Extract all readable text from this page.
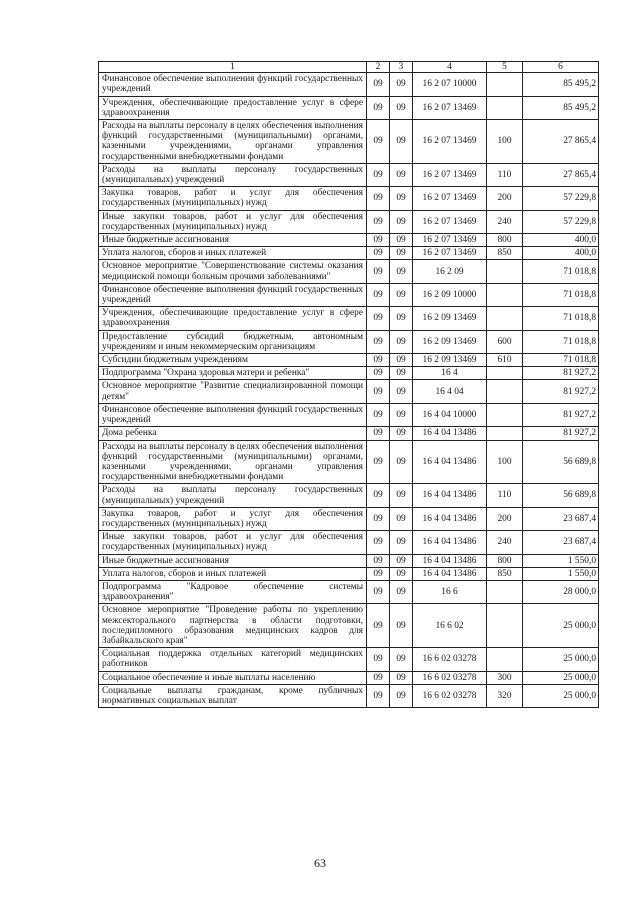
1	2	3	4	5	6
Финансовое обеспечение выполнения функций государственных учреждений	09	09	16 2 07 10000		85 495,2
Учреждения, обеспечивающие предоставление услуг в сфере здравоохранения	09	09	16 2 07 13469		85 495,2
Расходы на выплаты персоналу в целях обеспечения выполнения функций государственными (муниципальными) органами, казенными учреждениями, органами управления государственными внебюджетными фондами	09	09	16 2 07 13469	100	27 865,4
Расходы на выплаты персоналу государственных (муниципальных) учреждений	09	09	16 2 07 13469	110	27 865,4
Закупка товаров, работ и услуг для обеспечения государственных (муниципальных) нужд	09	09	16 2 07 13469	200	57 229,8
Иные закупки товаров, работ и услуг для обеспечения государственных (муниципальных) нужд	09	09	16 2 07 13469	240	57 229,8
Иные бюджетные ассигнования	09	09	16 2 07 13469	800	400,0
Уплата налогов, сборов и иных платежей	09	09	16 2 07 13469	850	400,0
Основное мероприятие "Совершенствование системы оказания медицинской помощи больным прочими заболеваниями"	09	09	16 2 09		71 018,8
Финансовое обеспечение выполнения функций государственных учреждений	09	09	16 2 09 10000		71 018,8
Учреждения, обеспечивающие предоставление услуг в сфере здравоохранения	09	09	16 2 09 13469		71 018,8
Предоставление субсидий бюджетным, автономным учреждениям и иным некоммерческим организациям	09	09	16 2 09 13469	600	71 018,8
Субсидии бюджетным учреждениям	09	09	16 2 09 13469	610	71 018,8
Подпрограмма "Охрана здоровья матери и ребенка"	09	09	16 4		81 927,2
Основное мероприятие "Развитие специализированной помощи детям"	09	09	16 4 04		81 927,2
Финансовое обеспечение выполнения функций государственных учреждений	09	09	16 4 04 10000		81 927,2
Дома ребенка	09	09	16 4 04 13486		81 927,2
Расходы на выплаты персоналу в целях обеспечения выполнения функций государственными (муниципальными) органами, казенными учреждениями, органами управления государственными внебюджетными фондами	09	09	16 4 04 13486	100	56 689,8
Расходы на выплаты персоналу государственных (муниципальных) учреждений	09	09	16 4 04 13486	110	56 689,8
Закупка товаров, работ и услуг для обеспечения государственных (муниципальных) нужд	09	09	16 4 04 13486	200	23 687,4
Иные закупки товаров, работ и услуг для обеспечения государственных (муниципальных) нужд	09	09	16 4 04 13486	240	23 687,4
Иные бюджетные ассигнования	09	09	16 4 04 13486	800	1 550,0
Уплата налогов, сборов и иных платежей	09	09	16 4 04 13486	850	1 550,0
Подпрограмма "Кадровое обеспечение системы здравоохранения"	09	09	16 6		28 000,0
Основное мероприятие "Проведение работы по укреплению межсекторального партнерства в области подготовки, последипломного образования медицинских кадров для Забайкальского края"	09	09	16 6 02		25 000,0
Социальная поддержка отдельных категорий медицинских работников	09	09	16 6 02 03278		25 000,0
Социальное обеспечение и иные выплаты населению	09	09	16 6 02 03278	300	25 000,0
Социальные выплаты гражданам, кроме публичных нормативных социальных выплат	09	09	16 6 02 03278	320	25 000,0
63
